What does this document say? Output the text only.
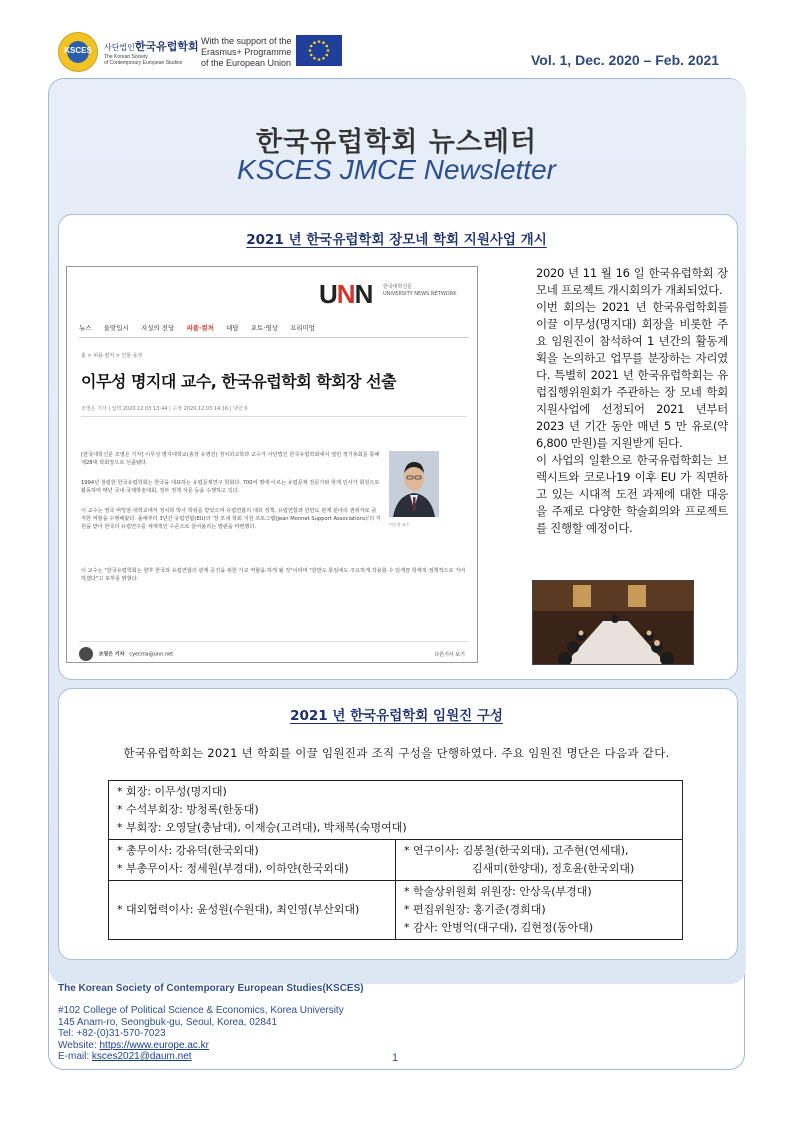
KSCES	사단법인한국유럽학회
The Korean Society
of Contemporary European Studies
With the support of the
Erasmus+ Programme
of the European Union	Vol. 1, Dec. 2020 – Feb. 2021
한국유럽학회 뉴스레터
KSCES JMCE Newsletter
2021 년 한국유럽학회 장모네 학회 지원사업 개시
UNN 한국대학신문
UNIVERSITY NEWS NETWORK
뉴스 울맞입시 지성의 전당 피플·컬처 대담 포토·영상 프리미엄
홈 > 피플·컬처 > 인물·동정
이무성 명지대 교수, 한국유럽학회 학회장 선출
조영은 기자 | 입력 2020.12.03 13:44 | 수정 2020.12.03 14:16 | 댓글 0
[한국대학신문 조영은 기자] 이무성 명지대학교(총장 유병진) 정치외교학과 교수가 사단법인 한국유럽학회에서 열린 정기총회를 통해 제28대 학회장으로 선출됐다.
1994년 창립한 한국유럽학회는 한국을 대표하는 유럽문제연구 학회다. 700여 명에 이르는 유럽문제 전문가와 학계 인사가 회원으로 활동하며 매년 국내·국제학술대회, 정부 정책 자문 등을 수행하고 있다.
이 교수는 영국 버밍엄 대학교에서 정치학 박사 학위를 받았으며 유럽연합의 대외 정책, 유럽연합과 한반도 관계 분야의 권위자로 굵직한 역할을 수행해왔다. 올해부터 3년간 유럽연합(EU)의 '장 모네 학회 지원 프로그램(Jean Monnet Support Associations)'의 지원을 받아 한국의 유럽연구를 세계적인 수준으로 끌어올리는 발판을 마련했다.	이무성 교수
이 교수는 "한국유럽학회는 향후 한국과 유럽연합의 관계 증진을 위한 가교 역할을 하게 될 것"이라며 "한반도 통일에도 주요하게 작용할 수 있게끔 학제적·정책적으로 기여하겠다"고 포부를 밝혔다.
조영은 기자 cyecma@unn.net	다른기사 보기

2020 년 11 월 16 일 한국유럽학회 장모네 프로젝트 개시회의가 개최되었다.

이번 회의는 2021 년 한국유럽학회를 이끌 이무성(명지대) 회장을 비롯한 주요 임원진이 참석하여 1 년간의 활동계획을 논의하고 업무를 분장하는 자리였다. 특별히 2021 년 한국유럽학회는 유럽집행위원회가 주관하는 장 모네 학회 지원사업에 선정되어 2021 년부터 2023 년 기간 동안 매년 5 만 유로(약 6,800 만원)를 지원받게 된다.

이 사업의 일환으로 한국유럽학회는 브렉시트와 코로나19 이후 EU 가 직면하고 있는 시대적 도전 과제에 대한 대응을 주제로 다양한 학술회의와 프로젝트를 진행할 예정이다.

2021 년 한국유럽학회 임원진 구성
한국유럽학회는 2021 년 학회를 이끌 임원진과 조직 구성을 단행하였다. 주요 임원진 명단은 다음과 같다.
* 회장: 이무성(명지대)
* 수석부회장: 방청록(한동대)
* 부회장: 오영달(충남대), 이재승(고려대), 박채복(숙명여대)	

* 총무이사: 강유덕(한국외대)
* 부총무이사: 정세원(부경대), 이하얀(한국외대)	* 연구이사: 김봉철(한국외대), 고주현(연세대),
김새미(한양대), 정호윤(한국외대)

* 대외협력이사: 윤성원(수원대), 최인영(부산외대)	* 학술상위원회 위원장: 안상욱(부경대)
* 편집위원장: 홍기준(경희대)
* 감사: 안병억(대구대), 김현정(동아대)
The Korean Society of Contemporary European Studies(KSCES)
#102 College of Political Science & Economics, Korea University
145 Anam-ro, Seongbuk-gu, Seoul, Korea, 02841
Tel: +82-(0)31-570-7023
Website: https://www.europe.ac.kr
E-mail: ksces2021@daum.net	1
